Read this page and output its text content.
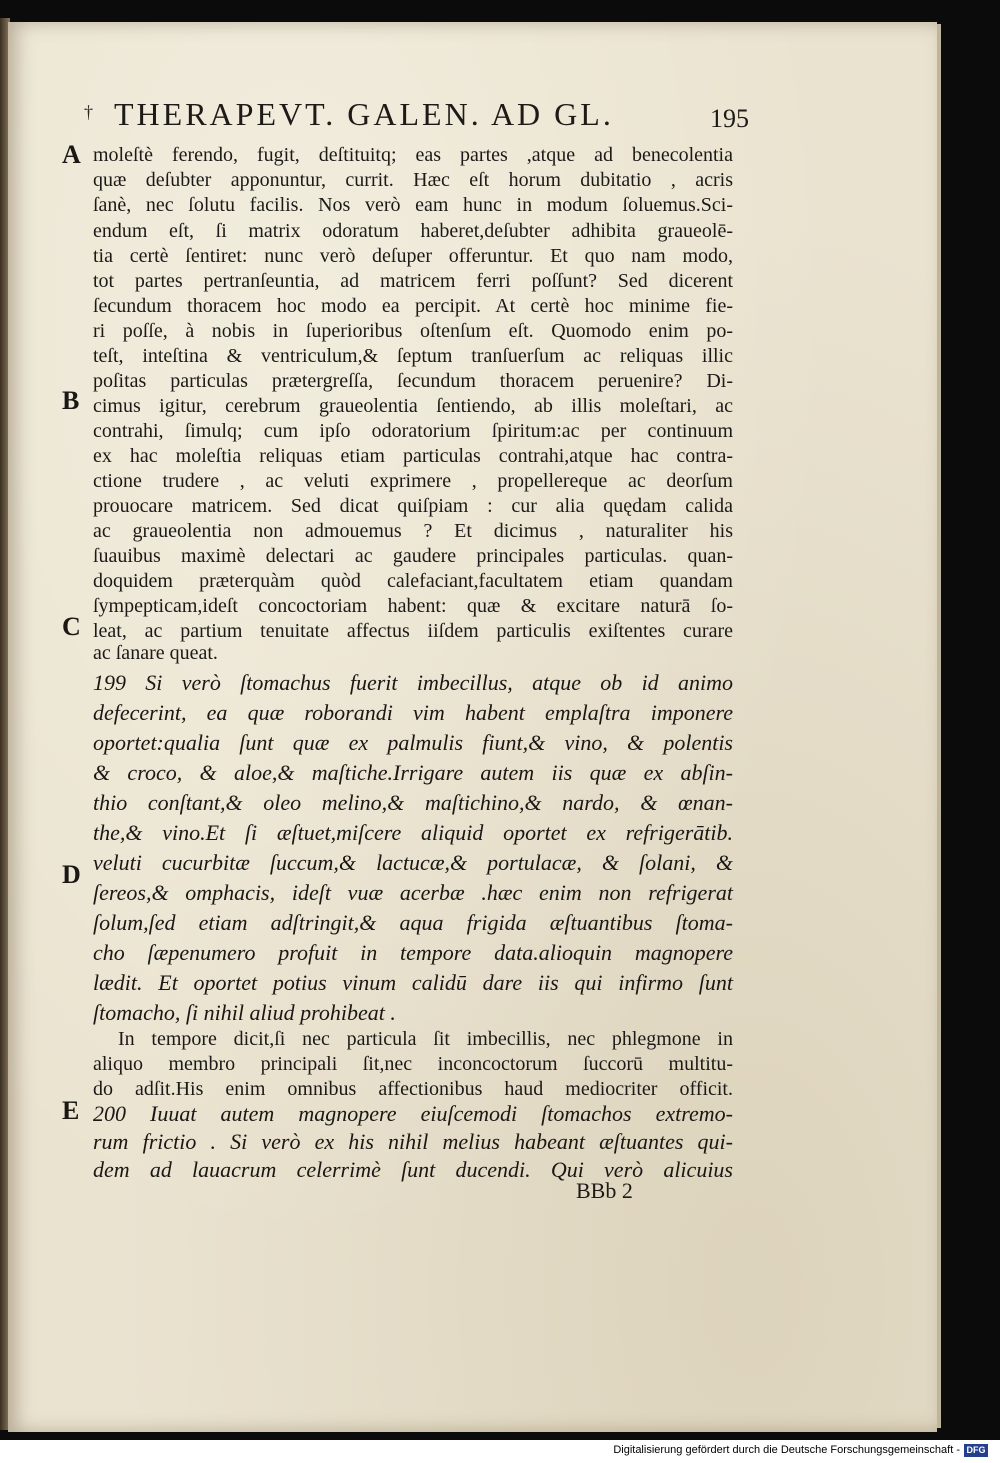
† THERAPEVT. GALEN. AD GL.	195
A
B
C
D
E
moleſtè ferendo, fugit, deſtituitq; eas partes ,atque ad benecolentia
quæ deſubter apponuntur, currit. Hæc eſt horum dubitatio , acris
ſanè, nec ſolutu facilis. Nos verò eam hunc in modum ſoluemus.Sci-
endum eſt, ſi matrix odoratum haberet,deſubter adhibita graueolē-
tia certè ſentiret: nunc verò deſuper offeruntur. Et quo nam modo,
tot partes pertranſeuntia, ad matricem ferri poſſunt? Sed dicerent
ſecundum thoracem hoc modo ea percipit. At certè hoc minime fie-
ri poſſe, à nobis in ſuperioribus oſtenſum eſt. Quomodo enim po-
teſt, inteſtina & ventriculum,& ſeptum tranſuerſum ac reliquas illic
poſitas particulas prætergreſſa, ſecundum thoracem peruenire? Di-
cimus igitur, cerebrum graueolentia ſentiendo, ab illis moleſtari, ac
contrahi, ſimulq; cum ipſo odoratorium ſpiritum:ac per continuum
ex hac moleſtia reliquas etiam particulas contrahi,atque hac contra-
ctione trudere , ac veluti exprimere , propellereque ac deorſum
prouocare matricem. Sed dicat quiſpiam : cur alia quędam calida
ac graueolentia non admouemus ? Et dicimus , naturaliter his
ſuauibus maximè delectari ac gaudere principales particulas. quan-
doquidem præterquàm quòd calefaciant,facultatem etiam quandam
ſympepticam,ideſt concoctoriam habent: quæ & excitare naturā ſo-
leat, ac partium tenuitate affectus iiſdem particulis exiſtentes curare
ac ſanare queat.
199 Si verò ſtomachus fuerit imbecillus, atque ob id animo
defecerint, ea quæ roborandi vim habent emplaſtra imponere
oportet:qualia ſunt quæ ex palmulis fiunt,& vino, & polentis
& croco, & aloe,& maſtiche.Irrigare autem iis quæ ex abſin-
thio conſtant,& oleo melino,& maſtichino,& nardo, & œnan-
the,& vino.Et ſi æſtuet,miſcere aliquid oportet ex refrigerātib.
veluti cucurbitæ ſuccum,& lactucæ,& portulacæ, & ſolani, &
ſereos,& omphacis, ideſt vuæ acerbæ .hæc enim non refrigerat
ſolum,ſed etiam adſtringit,& aqua frigida æſtuantibus ſtoma-
cho ſæpenumero profuit in tempore data.alioquin magnopere
lædit. Et oportet potius vinum calidū dare iis qui infirmo ſunt
ſtomacho, ſi nihil aliud prohibeat .
In tempore dicit,ſi nec particula ſit imbecillis, nec phlegmone in
aliquo membro principali ſit,nec inconcoctorum ſuccorū multitu-
do adſit.His enim omnibus affectionibus haud mediocriter officit.
200 Iuuat autem magnopere eiuſcemodi ſtomachos extremo-
rum frictio . Si verò ex his nihil melius habeant æſtuantes qui-
dem ad lauacrum celerrimè ſunt ducendi. Qui verò alicuius
BBb 2
Digitalisierung gefördert durch die Deutsche Forschungsgemeinschaft - DFG
